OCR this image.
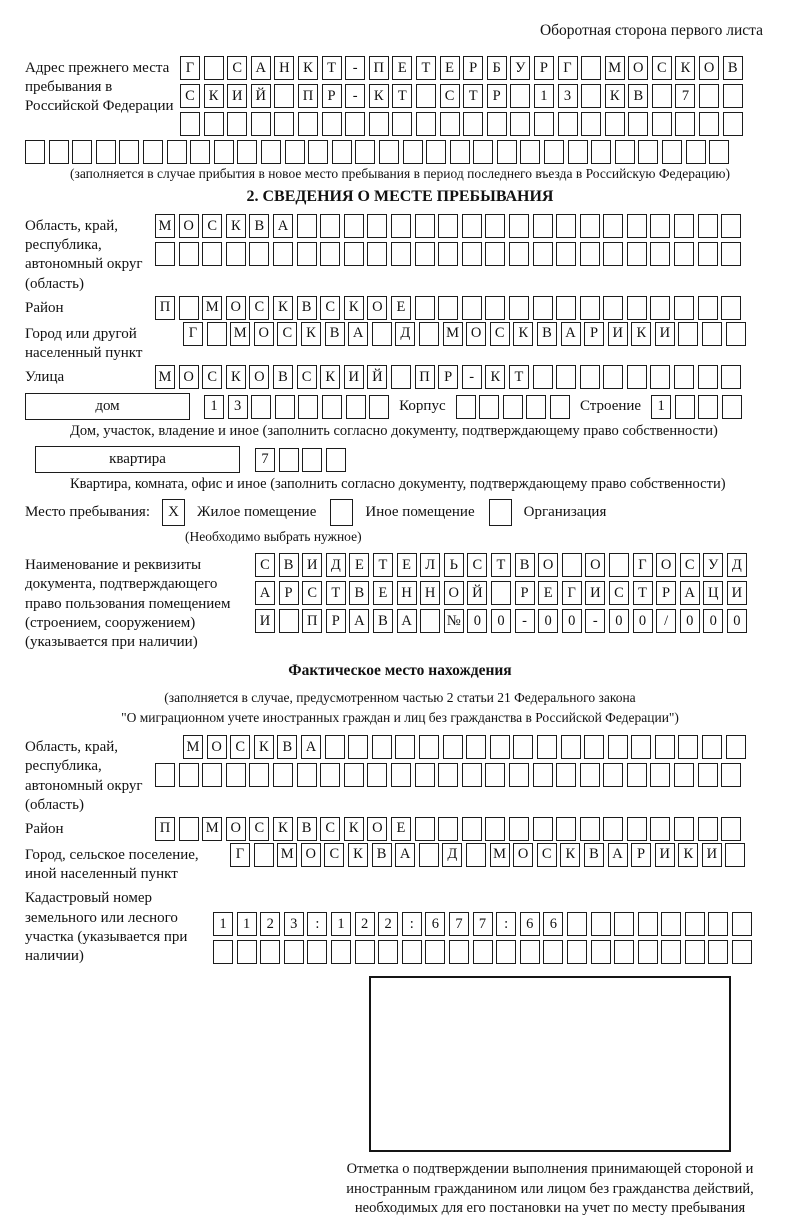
Оборотная сторона первого листа
Адрес прежнего места пребывания в Российской Федерации
Г	С А Н К Т	-	П Е	Т	Е	Р	Б У Р	Г	М О С К О В
С К И Й	П Р	-	К Т	С Т	Р	1	3	К В	7
(заполняется в случае прибытия в новое место пребывания в период последнего въезда в Российскую Федерацию)
2. СВЕДЕНИЯ О МЕСТЕ ПРЕБЫВАНИЯ
Область, край, республика, автономный округ (область)
М О С К В А
Район	П	М О С К В С К О Е
Город или другой населенный пункт
Г	М О С К В А	Д	М О С К В А Р И К И
Улица	М О С К О В С К И Й	П Р	-	К Т
дом	1	3	Корпус	Строение	1
Дом, участок, владение и иное (заполнить согласно документу, подтверждающему право собственности)
квартира	7
Квартира, комната, офис и иное (заполнить согласно документу, подтверждающему право собственности)
Место пребывания:	X	Жилое помещение	Иное помещение	Организация
(Необходимо выбрать нужное)
Наименование и реквизиты документа, подтверждающего право пользования помещением (строением, сооружением) (указывается при наличии)
С В И Д Е	Т	Е Л	Ь	С Т В О	О	Г О С У Д
А Р	С Т В Е Н Н О Й	Р	Е	Г И С Т	Р А Ц И
И	П Р А В А	№ 0	0	-	0	0	-	0	0	/	0	0	0
Фактическое место нахождения
(заполняется в случае, предусмотренном частью 2 статьи 21 Федерального закона
"О миграционном учете иностранных граждан и лиц без гражданства в Российской Федерации")
Область, край, республика, автономный округ (область)
М О С К В А
Район	П	М О С К В С К О Е
Город, сельское поселение, иной населенный пункт
Г	М О С К В А	Д	М О С К В А Р И К И
Кадастровый номер земельного или лесного участка (указывается при наличии)
1	1	2	3	:	1	2	2	:	6	7	7	:	6	6
Отметка о подтверждении выполнения принимающей стороной и иностранным гражданином или лицом без гражданства действий, необходимых для его постановки на учет по месту пребывания
